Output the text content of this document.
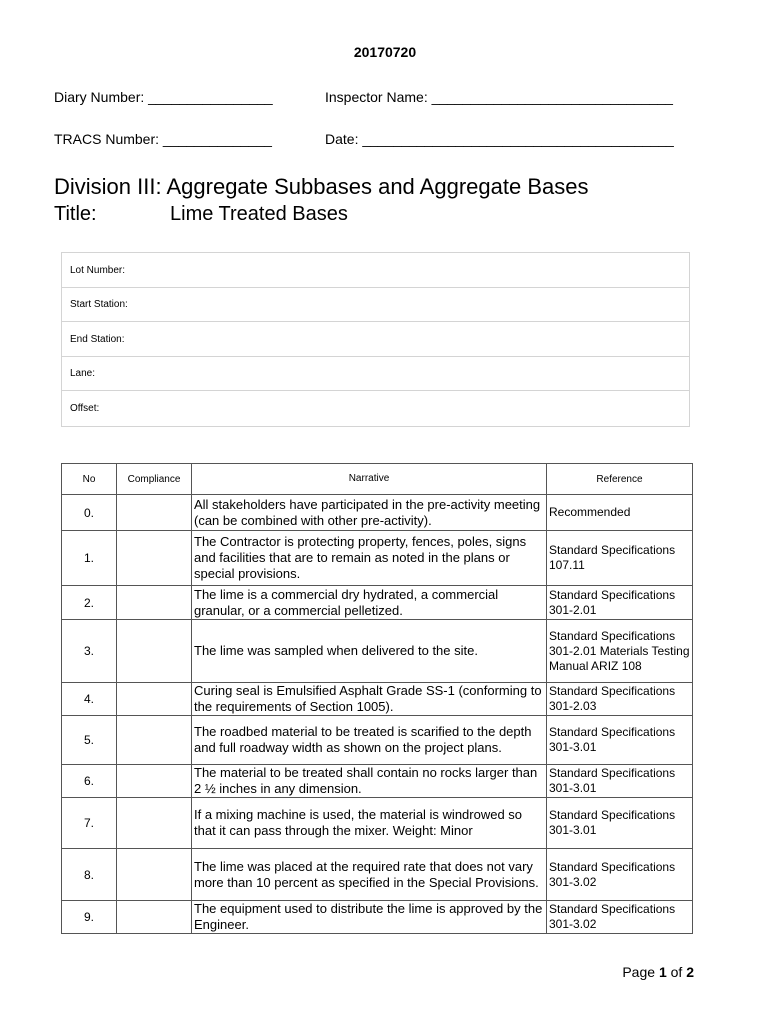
20170720
Diary Number: ________________	Inspector Name: _______________________________
TRACS Number: ______________	Date: ________________________________________
Division III: Aggregate Subbases and Aggregate Bases
Title:	Lime Treated Bases
Lot Number:
Start Station:
End Station:
Lane:
Offset:
No	Compliance	Narrative	Reference
0.		All stakeholders have participated in the pre-activity meeting (can be combined with other pre-activity).	Recommended
1.		The Contractor is protecting property, fences, poles, signs and facilities that are to remain as noted in the plans or special provisions.	Standard Specifications 107.11
2.		The lime is a commercial dry hydrated, a commercial granular, or a commercial pelletized.	Standard Specifications 301-2.01
3.		The lime was sampled when delivered to the site.	Standard Specifications 301-2.01 Materials Testing Manual ARIZ 108
4.		Curing seal is Emulsified Asphalt Grade SS-1 (conforming to the requirements of Section 1005).	Standard Specifications 301-2.03
5.		The roadbed material to be treated is scarified to the depth and full roadway width as shown on the project plans.	Standard Specifications 301-3.01
6.		The material to be treated shall contain no rocks larger than 2 ½ inches in any dimension.	Standard Specifications 301-3.01
7.		If a mixing machine is used, the material is windrowed so that it can pass through the mixer. Weight: Minor	Standard Specifications 301-3.01
8.		The lime was placed at the required rate that does not vary more than 10 percent as specified in the Special Provisions.	Standard Specifications 301-3.02
9.		The equipment used to distribute the lime is approved by the Engineer.	Standard Specifications 301-3.02
Page 1 of 2
